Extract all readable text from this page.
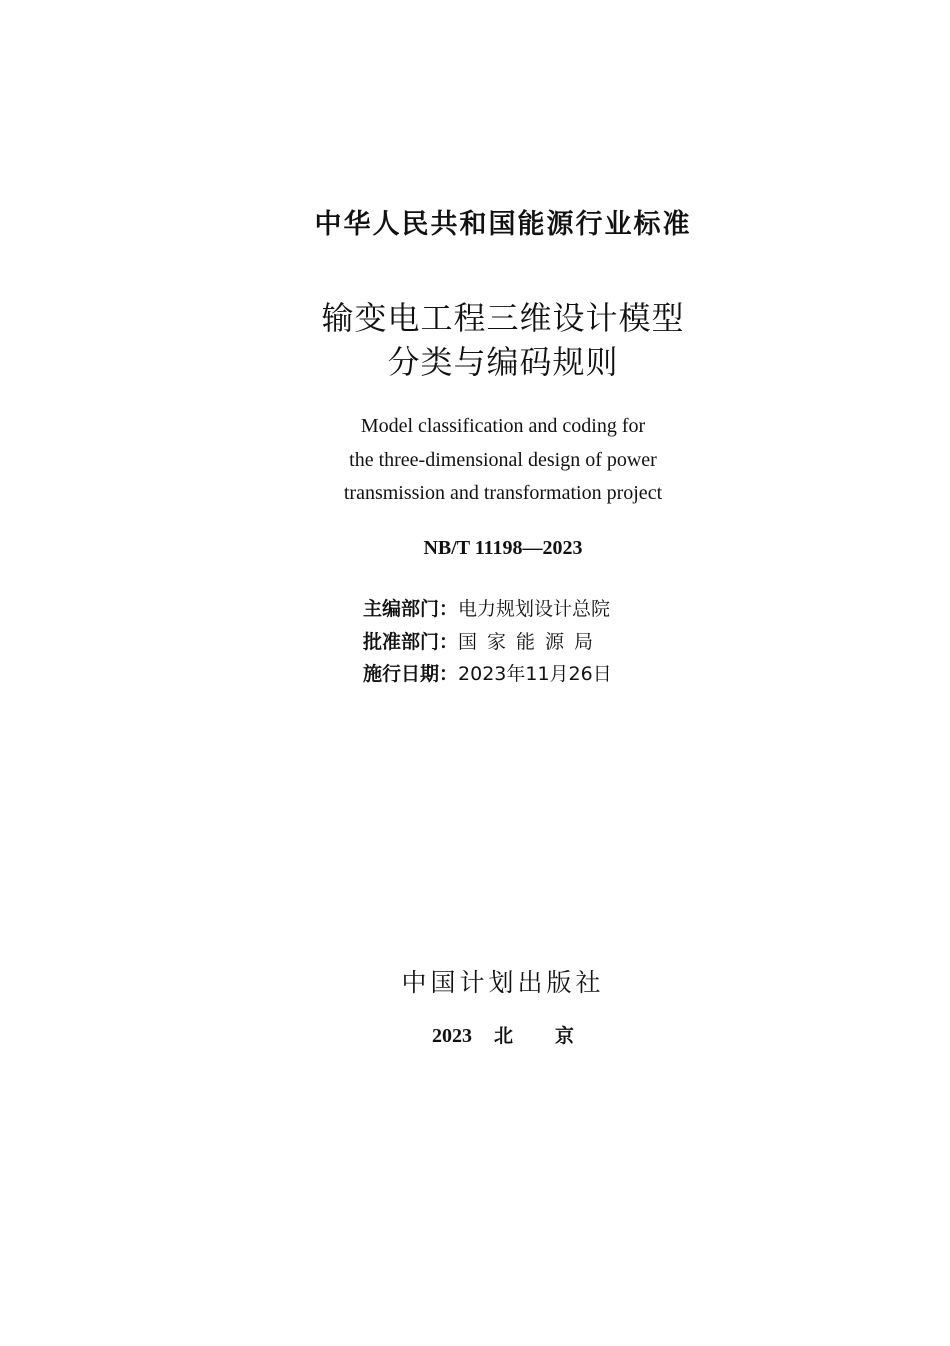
中华人民共和国能源行业标准
输变电工程三维设计模型
分类与编码规则
Model classification and coding for
the three-dimensional design of power
transmission and transformation project
NB/T 11198—2023
主编部门：电力规划设计总院
批准部门：国家能源局
施行日期：2023年11月26日
中国计划出版社
2023 北 京
